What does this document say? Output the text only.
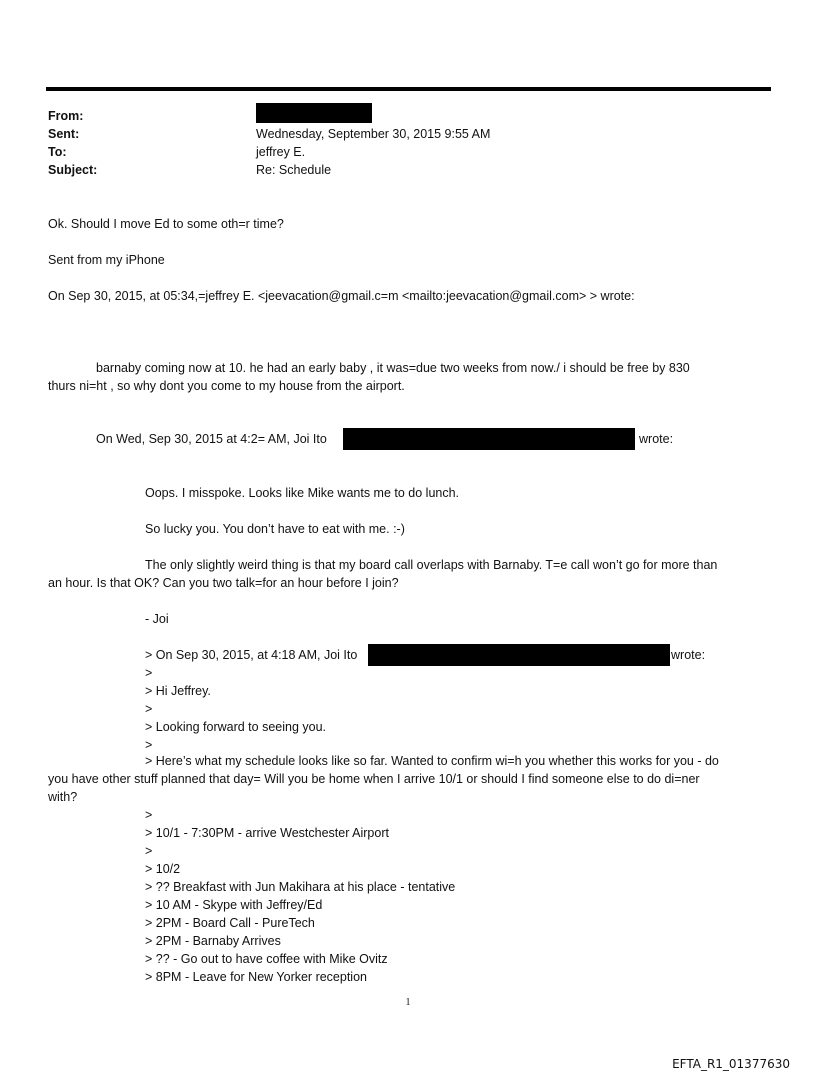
From:
Sent:	Wednesday, September 30, 2015 9:55 AM
To:	jeffrey E.
Subject:	Re: Schedule
Ok. Should I move Ed to some oth=r time?
Sent from my iPhone
On Sep 30, 2015, at 05:34,=jeffrey E. <jeevacation@gmail.c=m <mailto:jeevacation@gmail.com> > wrote:
barnaby coming now at 10. he had an early baby , it was=due two weeks from now./ i should be free by 830
thurs ni=ht , so why dont you come to my house from the airport.
On Wed, Sep 30, 2015 at 4:2= AM, Joi Ito	wrote:
Oops. I misspoke. Looks like Mike wants me to do lunch.
So lucky you. You don’t have to eat with me. :-)
The only slightly weird thing is that my board call overlaps with Barnaby. T=e call won’t go for more than
an hour. Is that OK? Can you two talk=for an hour before I join?
- Joi
> On Sep 30, 2015, at 4:18 AM, Joi Ito	wrote:
>
> Hi Jeffrey.
>
> Looking forward to seeing you.
>
> Here’s what my schedule looks like so far. Wanted to confirm wi=h you whether this works for you - do
you have other stuff planned that day= Will you be home when I arrive 10/1 or should I find someone else to do di=ner
with?
>
> 10/1 - 7:30PM - arrive Westchester Airport
>
> 10/2
> ?? Breakfast with Jun Makihara at his place - tentative
> 10 AM - Skype with Jeffrey/Ed
> 2PM - Board Call - PureTech
> 2PM - Barnaby Arrives
> ?? - Go out to have coffee with Mike Ovitz
> 8PM - Leave for New Yorker reception
1
EFTA_R1_01377630
